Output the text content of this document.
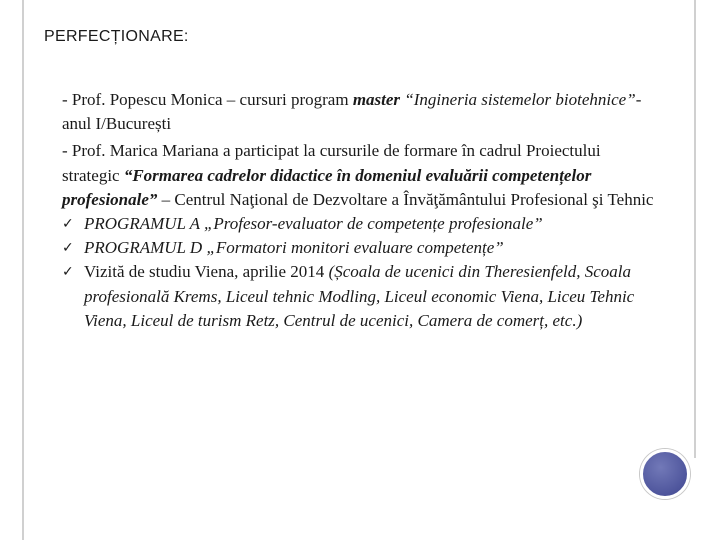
PERFECȚIONARE:

- Prof. Popescu Monica – cursuri program master “Ingineria sistemelor biotehnice”- anul I/București

- Prof. Marica Mariana a participat la cursurile de formare în cadrul Proiectului strategic “Formarea cadrelor didactice în domeniul evaluării competențelor profesionale” – Centrul Naţional de Dezvoltare a Învăţământului Profesional şi Tehnic

✓ PROGRAMUL A „Profesor-evaluator de competențe profesionale”
✓ PROGRAMUL D „Formatori monitori evaluare competențe”
✓ Vizită de studiu Viena, aprilie 2014 (Școala de ucenici din Theresienfeld, Scoala profesională Krems, Liceul tehnic Modling, Liceul economic Viena, Liceu Tehnic Viena, Liceul de turism Retz, Centrul de ucenici, Camera de comerț, etc.)
